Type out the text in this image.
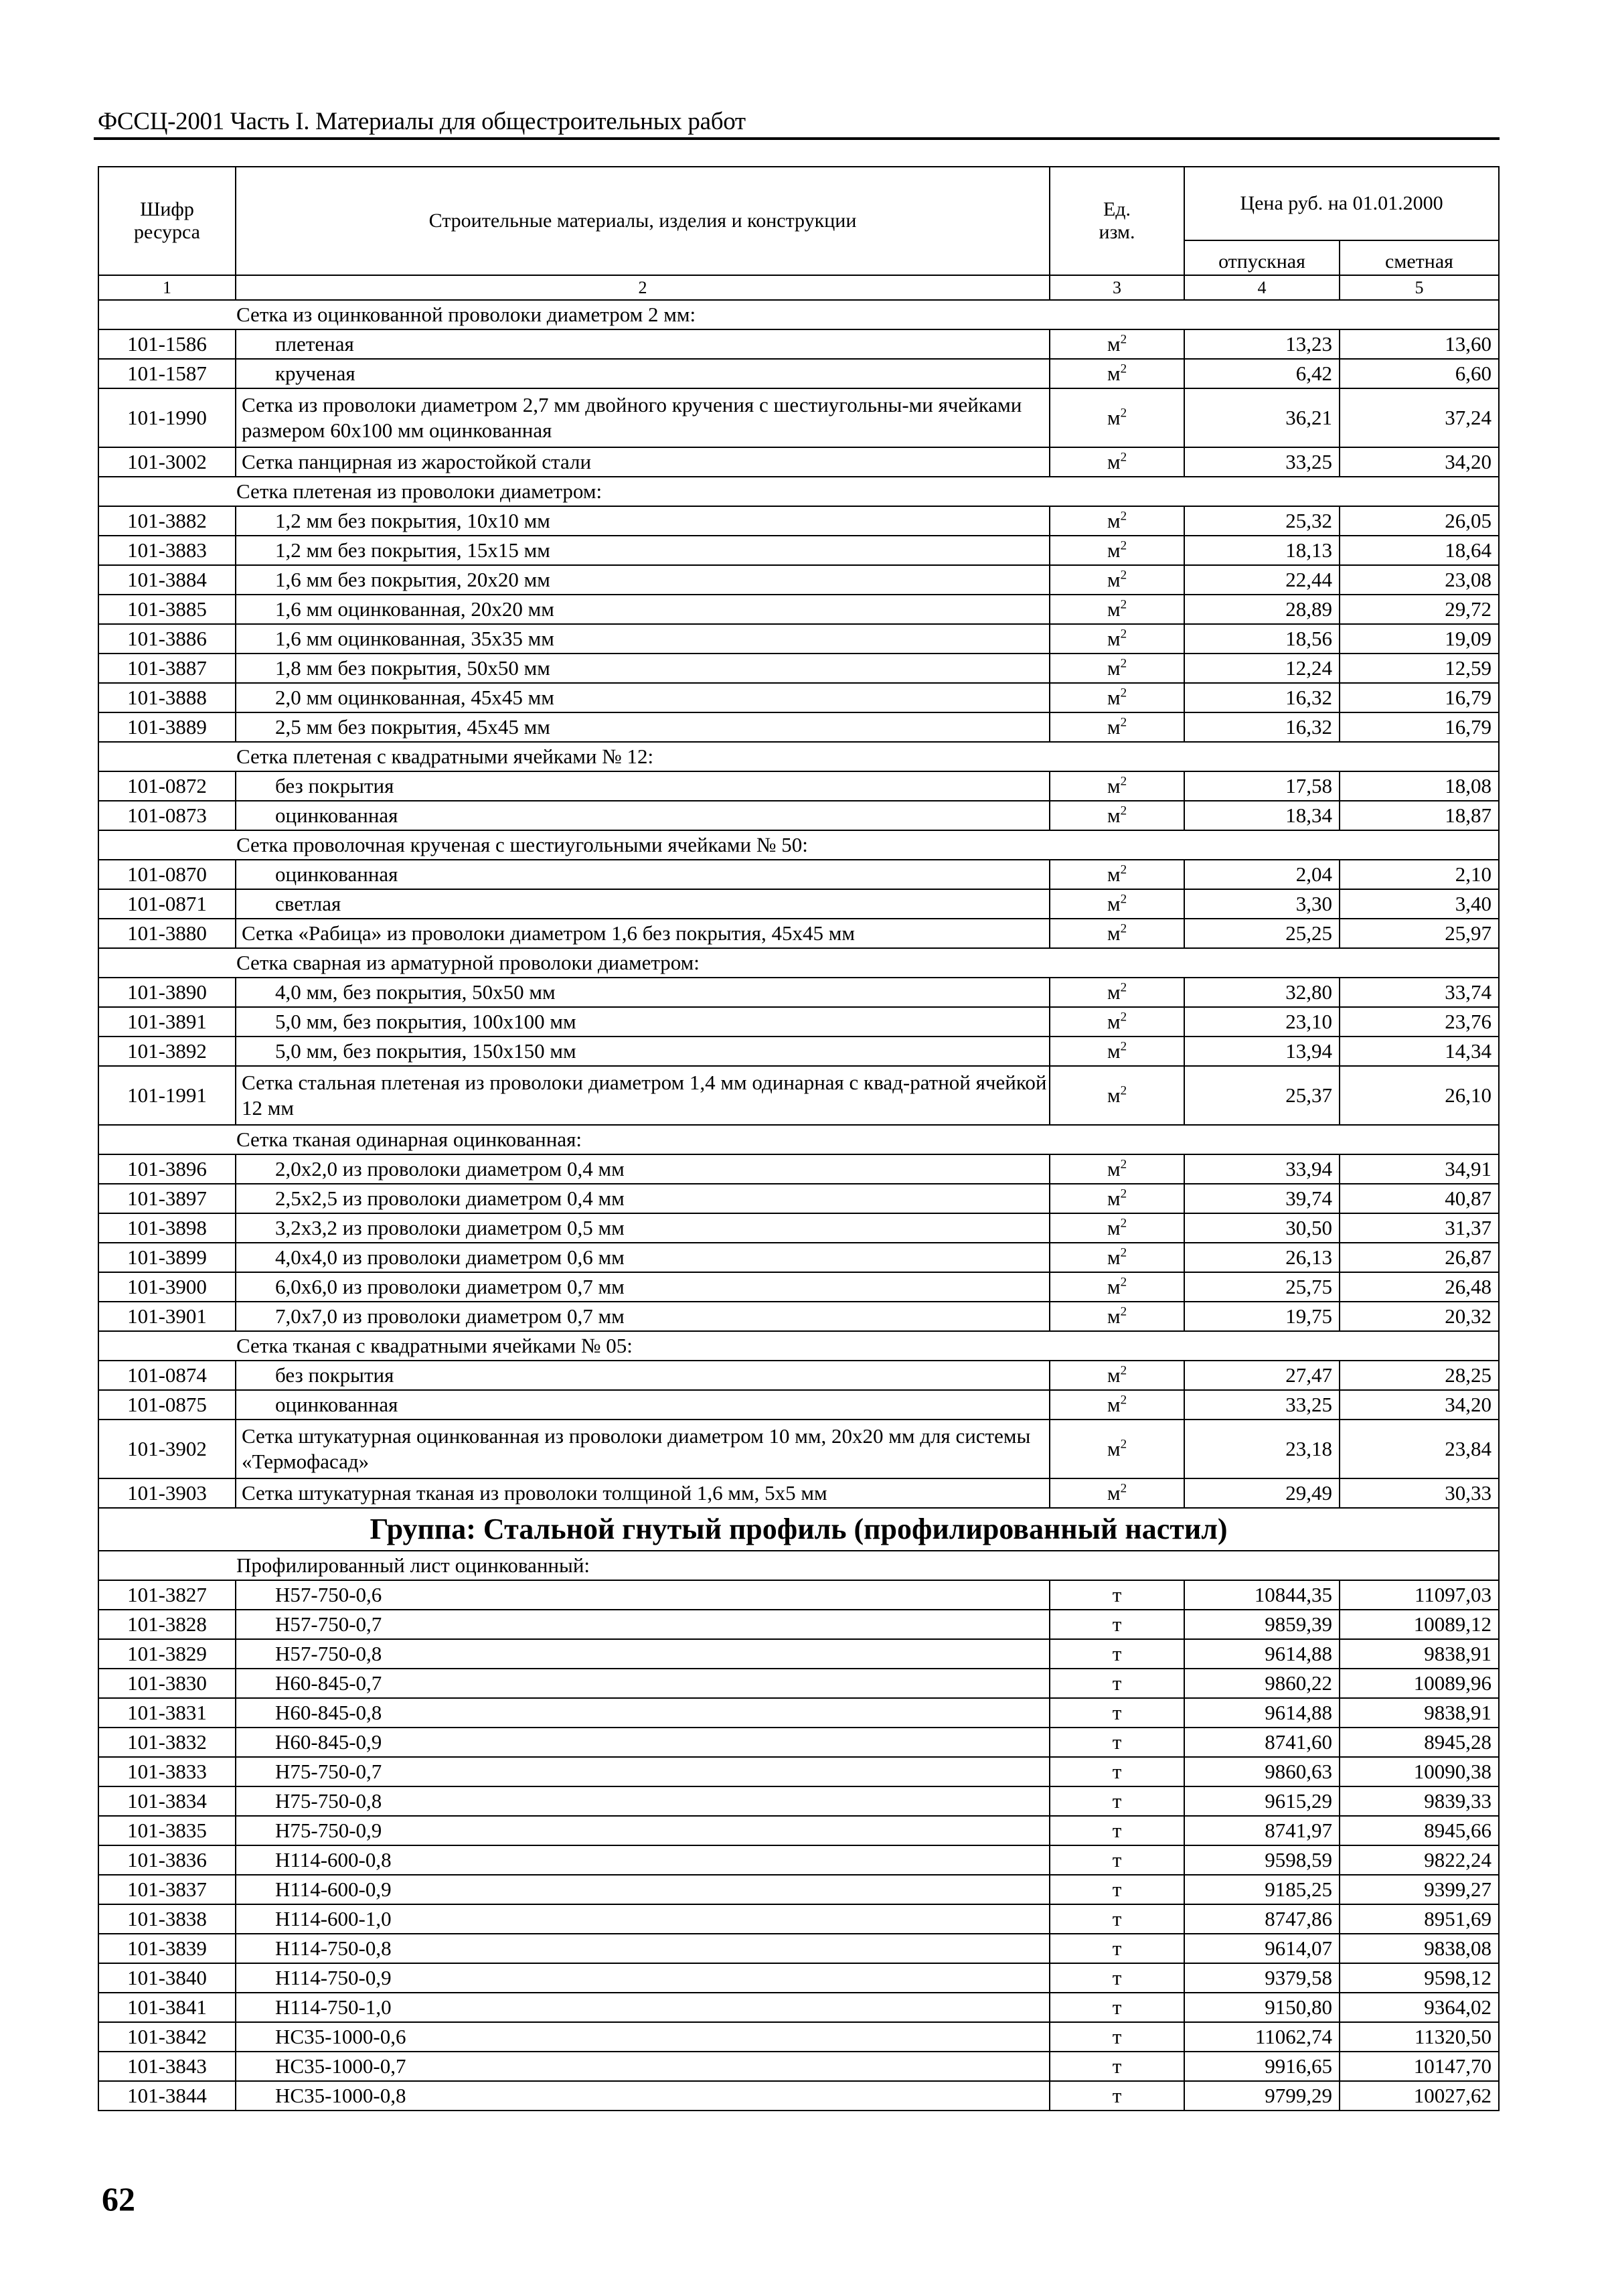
ФССЦ-2001 Часть I. Материалы для общестроительных работ
Шифр ресурса	Строительные материалы, изделия и конструкции	Ед. изм.	Цена руб. на 01.01.2000	
			отпускная	сметная
1	2	3	4	5
Сетка из оцинкованной проволоки диаметром 2 мм:				
101-1586	плетеная	$м^2$	13,23	13,60
101-1587	крученая	$м^2$	6,42	6,60
101-1990	Сетка из проволоки диаметром 2,7 мм двойного кручения с шестиугольны-ми ячейками размером 60х100 мм оцинкованная	$м^2$	36,21	37,24
101-3002	Сетка панцирная из жаростойкой стали	$м^2$	33,25	34,20
Сетка плетеная из проволоки диаметром:				
101-3882	1,2 мм без покрытия, 10х10 мм	$м^2$	25,32	26,05
101-3883	1,2 мм без покрытия, 15х15 мм	$м^2$	18,13	18,64
101-3884	1,6 мм без покрытия, 20х20 мм	$м^2$	22,44	23,08
101-3885	1,6 мм оцинкованная, 20х20 мм	$м^2$	28,89	29,72
101-3886	1,6 мм оцинкованная, 35х35 мм	$м^2$	18,56	19,09
101-3887	1,8 мм без покрытия, 50х50 мм	$м^2$	12,24	12,59
101-3888	2,0 мм оцинкованная, 45х45 мм	$м^2$	16,32	16,79
101-3889	2,5 мм без покрытия, 45х45 мм	$м^2$	16,32	16,79
Сетка плетеная с квадратными ячейками № 12:				
101-0872	без покрытия	$м^2$	17,58	18,08
101-0873	оцинкованная	$м^2$	18,34	18,87
Сетка проволочная крученая с шестиугольными ячейками № 50:				
101-0870	оцинкованная	$м^2$	2,04	2,10
101-0871	светлая	$м^2$	3,30	3,40
101-3880	Сетка «Рабица» из проволоки диаметром 1,6 без покрытия, 45х45 мм	$м^2$	25,25	25,97
Сетка сварная из арматурной проволоки диаметром:				
101-3890	4,0 мм, без покрытия, 50х50 мм	$м^2$	32,80	33,74
101-3891	5,0 мм, без покрытия, 100х100 мм	$м^2$	23,10	23,76
101-3892	5,0 мм, без покрытия, 150х150 мм	$м^2$	13,94	14,34
101-1991	Сетка стальная плетеная из проволоки диаметром 1,4 мм одинарная с квад-ратной ячейкой 12 мм	$м^2$	25,37	26,10
Сетка тканая одинарная оцинкованная:				
101-3896	2,0х2,0 из проволоки диаметром 0,4 мм	$м^2$	33,94	34,91
101-3897	2,5х2,5 из проволоки диаметром 0,4 мм	$м^2$	39,74	40,87
101-3898	3,2х3,2 из проволоки диаметром 0,5 мм	$м^2$	30,50	31,37
101-3899	4,0х4,0 из проволоки диаметром 0,6 мм	$м^2$	26,13	26,87
101-3900	6,0х6,0 из проволоки диаметром 0,7 мм	$м^2$	25,75	26,48
101-3901	7,0х7,0 из проволоки диаметром 0,7 мм	$м^2$	19,75	20,32
Сетка тканая с квадратными ячейками № 05:				
101-0874	без покрытия	$м^2$	27,47	28,25
101-0875	оцинкованная	$м^2$	33,25	34,20
101-3902	Сетка штукатурная оцинкованная из проволоки диаметром 10 мм, 20х20 мм для системы «Термофасад»	$м^2$	23,18	23,84
101-3903	Сетка штукатурная тканая из проволоки толщиной 1,6 мм, 5х5 мм	$м^2$	29,49	30,33
Группа: Стальной гнутый профиль (профилированный настил)				
Профилированный лист оцинкованный:				
101-3827	Н57-750-0,6	т	10844,35	11097,03
101-3828	Н57-750-0,7	т	9859,39	10089,12
101-3829	Н57-750-0,8	т	9614,88	9838,91
101-3830	Н60-845-0,7	т	9860,22	10089,96
101-3831	Н60-845-0,8	т	9614,88	9838,91
101-3832	Н60-845-0,9	т	8741,60	8945,28
101-3833	Н75-750-0,7	т	9860,63	10090,38
101-3834	Н75-750-0,8	т	9615,29	9839,33
101-3835	Н75-750-0,9	т	8741,97	8945,66
101-3836	Н114-600-0,8	т	9598,59	9822,24
101-3837	Н114-600-0,9	т	9185,25	9399,27
101-3838	Н114-600-1,0	т	8747,86	8951,69
101-3839	Н114-750-0,8	т	9614,07	9838,08
101-3840	Н114-750-0,9	т	9379,58	9598,12
101-3841	Н114-750-1,0	т	9150,80	9364,02
101-3842	НС35-1000-0,6	т	11062,74	11320,50
101-3843	НС35-1000-0,7	т	9916,65	10147,70
101-3844	НС35-1000-0,8	т	9799,29	10027,62
62
